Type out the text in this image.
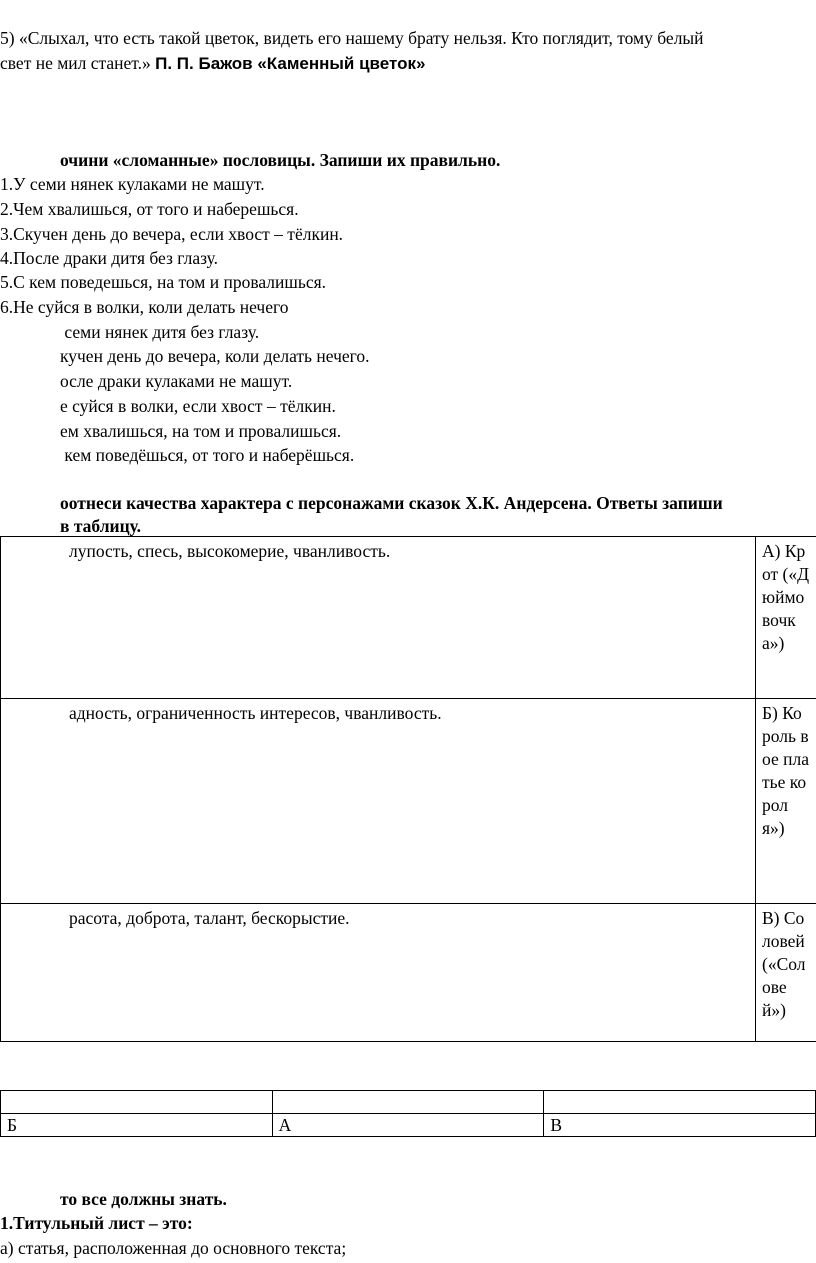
5) «Слыхал, что есть такой цветок, видеть его нашему брату нельзя. Кто поглядит, тому белый
свет не мил станет.» П. П. Бажов «Каменный цветок»
очини «сломанные» пословицы. Запиши их правильно.
1.У семи нянек кулаками не машут.
2.Чем хвалишься, от того и наберешься.
3.Скучен день до вечера, если хвост – тёлкин.
4.После драки дитя без глазу.
5.С кем поведешься, на том и провалишься.
6.Не суйся в волки, коли делать нечего
семи нянек дитя без глазу.
кучен день до вечера, коли делать нечего.
осле драки кулаками не машут.
е суйся в волки, если хвост – тёлкин.
ем хвалишься, на том и провалишься.
кем поведёшься, от того и наберёшься.
оотнеси качества характера с персонажами сказок Х.К. Андерсена. Ответы запиши
в таблицу.
лупость, спесь, высокомерие, чванливость.	А) Крот («Дюймовочка»)

адность, ограниченность интересов, чванливость.	Б) Король вое платье короля»)

расота, доброта, талант, бескорыстие.	В) Соловей («Соловей»)

Б	А	В
то все должны знать.
1.Титульный лист – это:
а) статья, расположенная до основного текста;
